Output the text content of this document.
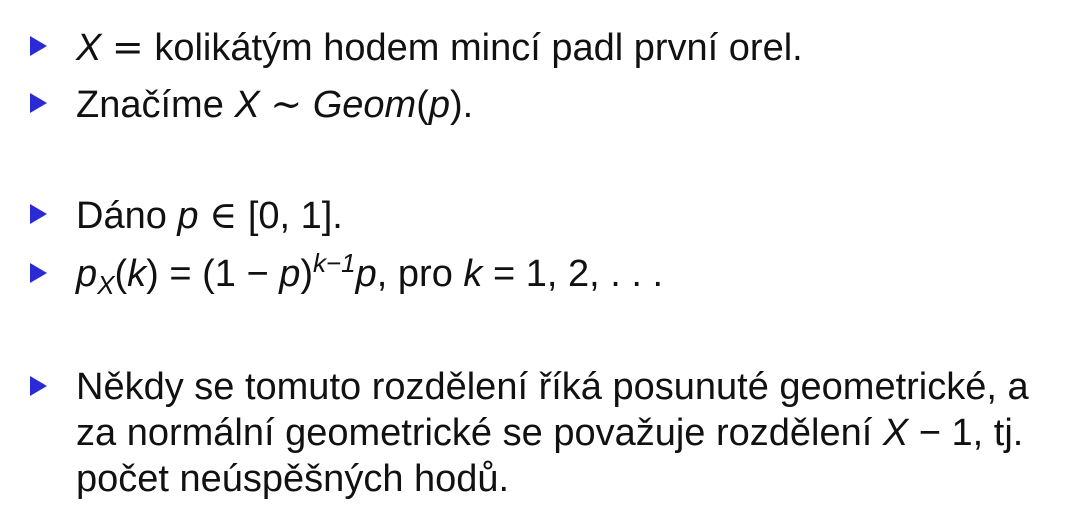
X = kolikátým hodem mincí padl první orel.
Značíme X ∼ Geom(p).
Dáno p ∈ [0, 1].
$p_X(k) = (1 - p)^{k-1}p$, pro k = 1, 2, . . .
Někdy se tomuto rozdělení říká posunuté geometrické, a
za normální geometrické se považuje rozdělení X − 1, tj.
počet neúspěšných hodů.
